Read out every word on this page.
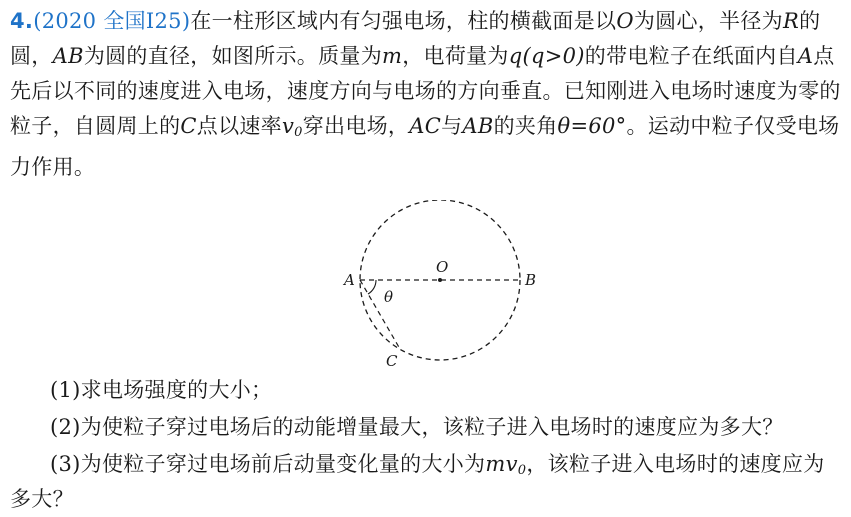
4.(2020 全国Ⅰ25)在一柱形区域内有匀强电场，柱的横截面是以O为圆心，半径为R的圆，AB为圆的直径，如图所示。质量为m，电荷量为q(q>0)的带电粒子在纸面内自A点先后以不同的速度进入电场，速度方向与电场的方向垂直。已知刚进入电场时速度为零的粒子，自圆周上的C点以速率$v_0$穿出电场，AC与AB的夹角θ=60°。运动中粒子仅受电场力作用。
A
O
B
C
θ
(1)求电场强度的大小；
(2)为使粒子穿过电场后的动能增量最大，该粒子进入电场时的速度应为多大？
(3)为使粒子穿过电场前后动量变化量的大小为$mv_0$，该粒子进入电场时的速度应为
多大？
